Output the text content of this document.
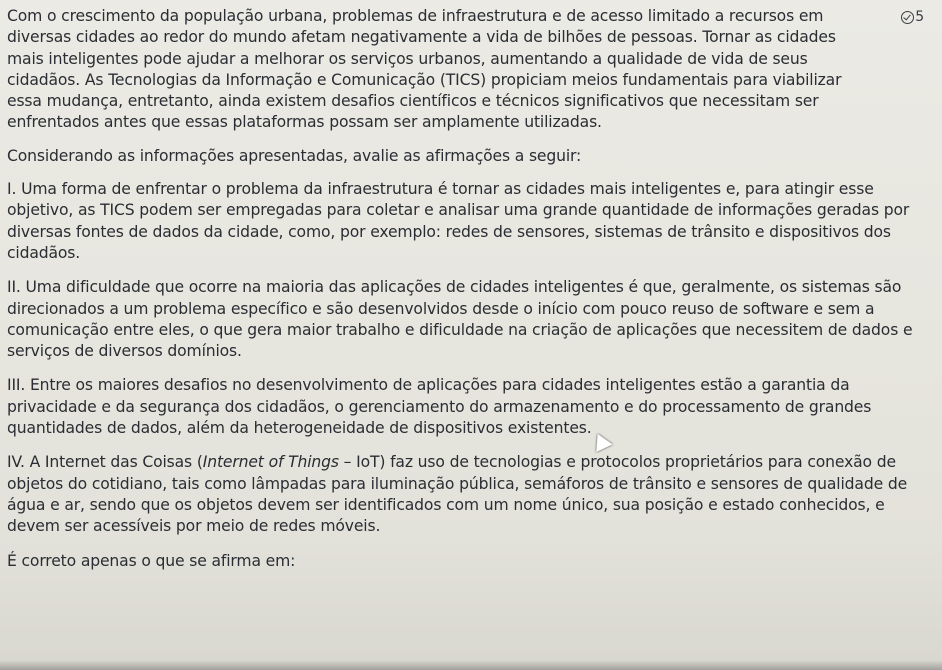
5

Com o crescimento da população urbana, problemas de infraestrutura e de acesso limitado a recursos em diversas cidades ao redor do mundo afetam negativamente a vida de bilhões de pessoas. Tornar as cidades mais inteligentes pode ajudar a melhorar os serviços urbanos, aumentando a qualidade de vida de seus cidadãos. As Tecnologias da Informação e Comunicação (TICS) propiciam meios fundamentais para viabilizar essa mudança, entretanto, ainda existem desafios científicos e técnicos significativos que necessitam ser enfrentados antes que essas plataformas possam ser amplamente utilizadas.

Considerando as informações apresentadas, avalie as afirmações a seguir:

I. Uma forma de enfrentar o problema da infraestrutura é tornar as cidades mais inteligentes e, para atingir esse objetivo, as TICS podem ser empregadas para coletar e analisar uma grande quantidade de informações geradas por diversas fontes de dados da cidade, como, por exemplo: redes de sensores, sistemas de trânsito e dispositivos dos cidadãos.

II. Uma dificuldade que ocorre na maioria das aplicações de cidades inteligentes é que, geralmente, os sistemas são direcionados a um problema específico e são desenvolvidos desde o início com pouco reuso de software e sem a comunicação entre eles, o que gera maior trabalho e dificuldade na criação de aplicações que necessitem de dados e serviços de diversos domínios.

III. Entre os maiores desafios no desenvolvimento de aplicações para cidades inteligentes estão a garantia da privacidade e da segurança dos cidadãos, o gerenciamento do armazenamento e do processamento de grandes quantidades de dados, além da heterogeneidade de dispositivos existentes.

IV. A Internet das Coisas (Internet of Things – IoT) faz uso de tecnologias e protocolos proprietários para conexão de objetos do cotidiano, tais como lâmpadas para iluminação pública, semáforos de trânsito e sensores de qualidade de água e ar, sendo que os objetos devem ser identificados com um nome único, sua posição e estado conhecidos, e devem ser acessíveis por meio de redes móveis.

É correto apenas o que se afirma em:
